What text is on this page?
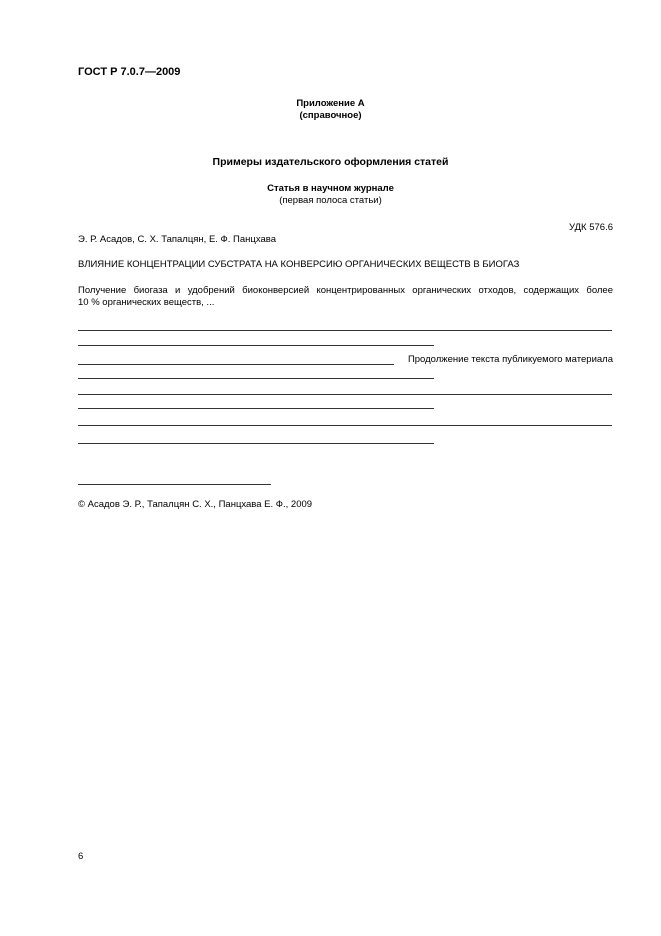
ГОСТ Р 7.0.7—2009
Приложение А
(справочное)
Примеры издательского оформления статей
Статья в научном журнале
(первая полоса статьи)
УДК 576.6
Э. Р. Асадов, С. Х. Тапалцян, Е. Ф. Панцхава
ВЛИЯНИЕ КОНЦЕНТРАЦИИ СУБСТРАТА НА КОНВЕРСИЮ ОРГАНИЧЕСКИХ ВЕЩЕСТВ В БИОГАЗ
Получение биогаза и удобрений биоконверсией концентрированных органических отходов, содержащих более
10 % органических веществ, ...
Продолжение текста публикуемого материала
© Асадов Э. Р., Тапалцян С. Х., Панцхава Е. Ф., 2009
6
